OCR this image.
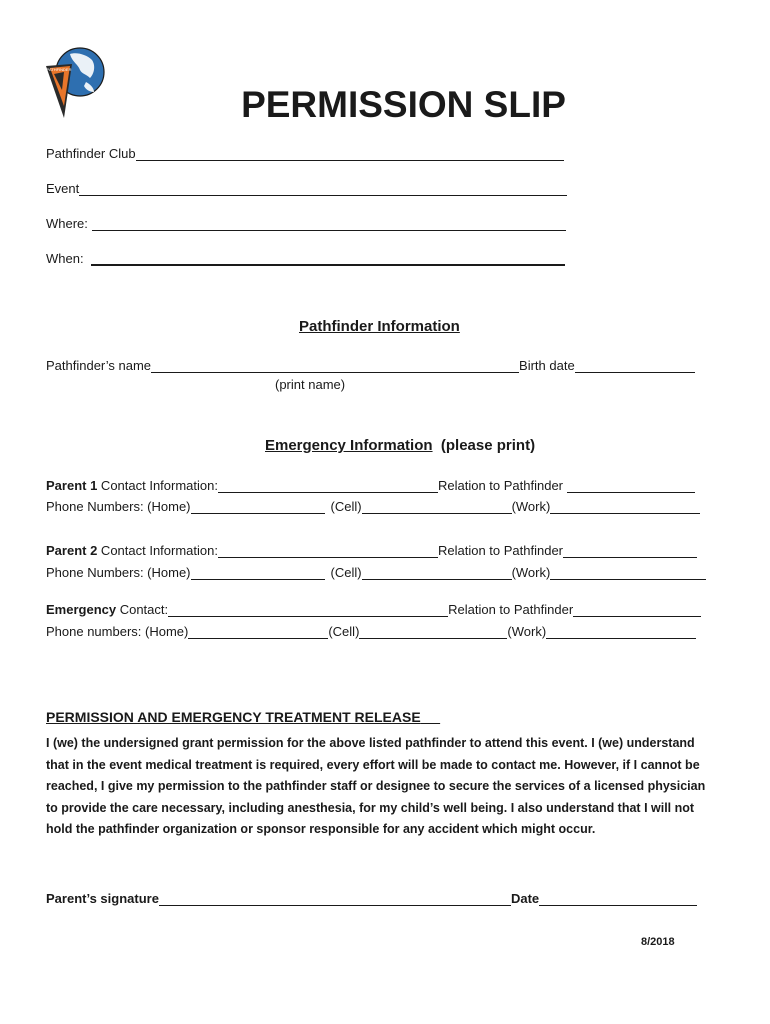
PATHFINDER
PERMISSION SLIP
Pathfinder Club
Event
Where:
When:
Pathfinder Information
Pathfinder’s name	Birth date
(print name)
Emergency Information (please print)
Parent 1 Contact Information:	Relation to Pathfinder
Phone Numbers: (Home)	(Cell)	(Work)
Parent 2 Contact Information:	Relation to Pathfinder
Phone Numbers: (Home)	(Cell)	(Work)
Emergency Contact:	Relation to Pathfinder
Phone numbers: (Home)	(Cell)	(Work)
PERMISSION AND EMERGENCY TREATMENT RELEASE
I (we) the undersigned grant permission for the above listed pathfinder to attend this event. I (we) understand that in the event medical treatment is required, every effort will be made to contact me. However, if I cannot be reached, I give my permission to the pathfinder staff or designee to secure the services of a licensed physician to provide the care necessary, including anesthesia, for my child’s well being. I also understand that I will not hold the pathfinder organization or sponsor responsible for any accident which might occur.
Parent’s signature	Date
8/2018
